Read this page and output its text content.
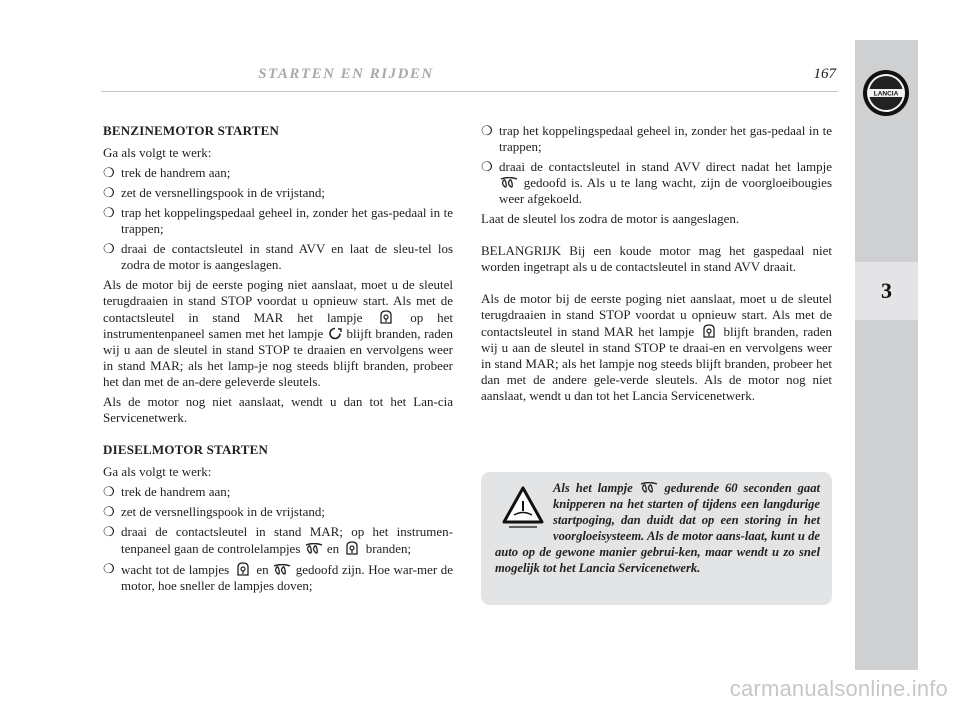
STARTEN EN RIJDEN	167
LANCIA
3
BENZINEMOTOR STARTEN
Ga als volgt te werk:
❍ trek de handrem aan;
❍ zet de versnellingspook in de vrijstand;
❍ trap het koppelingspedaal geheel in, zonder het gas-pedaal in te trappen;
❍ draai de contactsleutel in stand AVV en laat de sleu-tel los zodra de motor is aangeslagen.
Als de motor bij de eerste poging niet aanslaat, moet u de sleutel terugdraaien in stand STOP voordat u opnieuw start. Als met de contactsleutel in stand MAR het lampje	op het instrumentenpaneel samen met het lampje blijft branden, raden wij u aan de sleutel in stand STOP te draaien en vervolgens weer in stand MAR; als het lamp-je nog steeds blijft branden, probeer het dan met de an-dere geleverde sleutels.
Als de motor nog niet aanslaat, wendt u dan tot het Lan-cia Servicenetwerk.
DIESELMOTOR STARTEN
Ga als volgt te werk:
❍ trek de handrem aan;
❍ zet de versnellingspook in de vrijstand;
❍ draai de contactsleutel in stand MAR; op het instrumen-tenpaneel gaan de controlelampjes en branden;
❍ wacht tot de lampjes en gedoofd zijn. Hoe war-mer de motor, hoe sneller de lampjes doven;
❍ trap het koppelingspedaal geheel in, zonder het gas-pedaal in te trappen;
❍ draai de contactsleutel in stand AVV direct nadat het lampje  gedoofd is. Als u te lang wacht, zijn de voorgloeibougies weer afgekoeld.
Laat de sleutel los zodra de motor is aangeslagen.
BELANGRIJK Bij een koude motor mag het gaspedaal niet worden ingetrapt als u de contactsleutel in stand AVV draait.
Als de motor bij de eerste poging niet aanslaat, moet u de sleutel terugdraaien in stand STOP voordat u opnieuw start. Als met de contactsleutel in stand MAR het lampje blijft branden, raden wij u aan de sleutel in stand STOP te draai-en en vervolgens weer in stand MAR; als het lampje nog steeds blijft branden, probeer het dan met de andere gele-verde sleutels. Als de motor nog niet aanslaat, wendt u dan tot het Lancia Servicenetwerk.
Als het lampje	gedurende 60 seconden gaat knipperen na het starten of tijdens een langdurige startpoging, dan duidt dat op een storing in het voorgloeisysteem. Als de motor aans-laat, kunt u de auto op de gewone manier gebrui-ken, maar wendt u zo snel mogelijk tot het Lancia Servicenetwerk.
carmanualsonline.info
